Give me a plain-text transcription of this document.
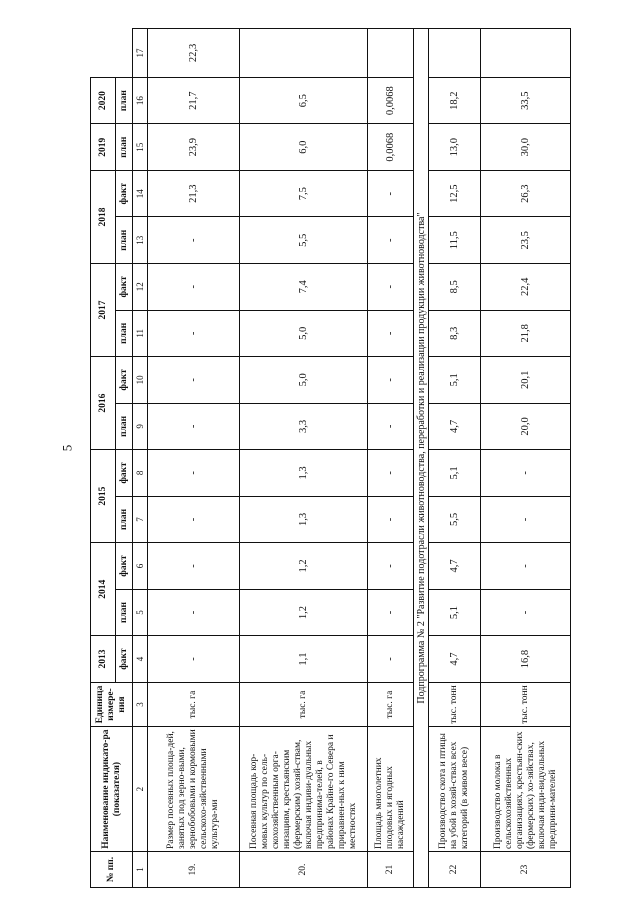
5
№ пп.	Наименование индикато-ра (показателя)	Единица измере-ния	2013	2014		2015		2016		2017		2018		2019	2020	
			факт	план	факт	план	факт	план	факт	план	факт	план	факт	план	план	
1	2	3	4	5	6	7	8	9	10	11	12	13	14	15	16	17
19.	Размер посевных площа-дей, занятых под зерно-выми, зернобобовыми и кормовыми сельскохо-зяйственными культура-ми	тыс. га	-	-	-	-	-	-	-	-	-	-	21,3	23,9	21,7	22,3
20.	Посевная площадь кор-мовых культур по сель-скохозяйственным орга-низациям, крестьянским (фермерским) хозяй-ствам, включая индиви-дуальных предпринима-телей, в районах Крайне-го Севера и приравнен-ных к ним местностях	тыс. га	1,1	1,2	1,2	1,3	1,3	3,3	5,0	5,0	7,4	5,5	7,5	6,0	6,5	
21	Площадь многолетних плодовых и ягодных насаждений	тыс. га	-	-	-	-	-	-	-	-	-	-	-	0,0068	0,0068	
Подпрограмма № 2 "Развитие подотрасли животноводства, переработки и реализации продукции животноводства"																
22	Производство скота и птицы на убой в хозяй-ствах всех категорий (в живом весе)	тыс. тонн	4,7	5,1	4,7	5,5	5,1	4,7	5,1	8,3	8,5	11,5	12,5	13,0	18,2	
23	Производство молока в сельскохозяйственных организациях, крестьян-ских (фермерских) хо-зяйствах, включая инди-видуальных предприни-мателей	тыс. тонн	16,8	-	-	-	-	20,0	20,1	21,8	22,4	23,5	26,3	30,0	33,5	
